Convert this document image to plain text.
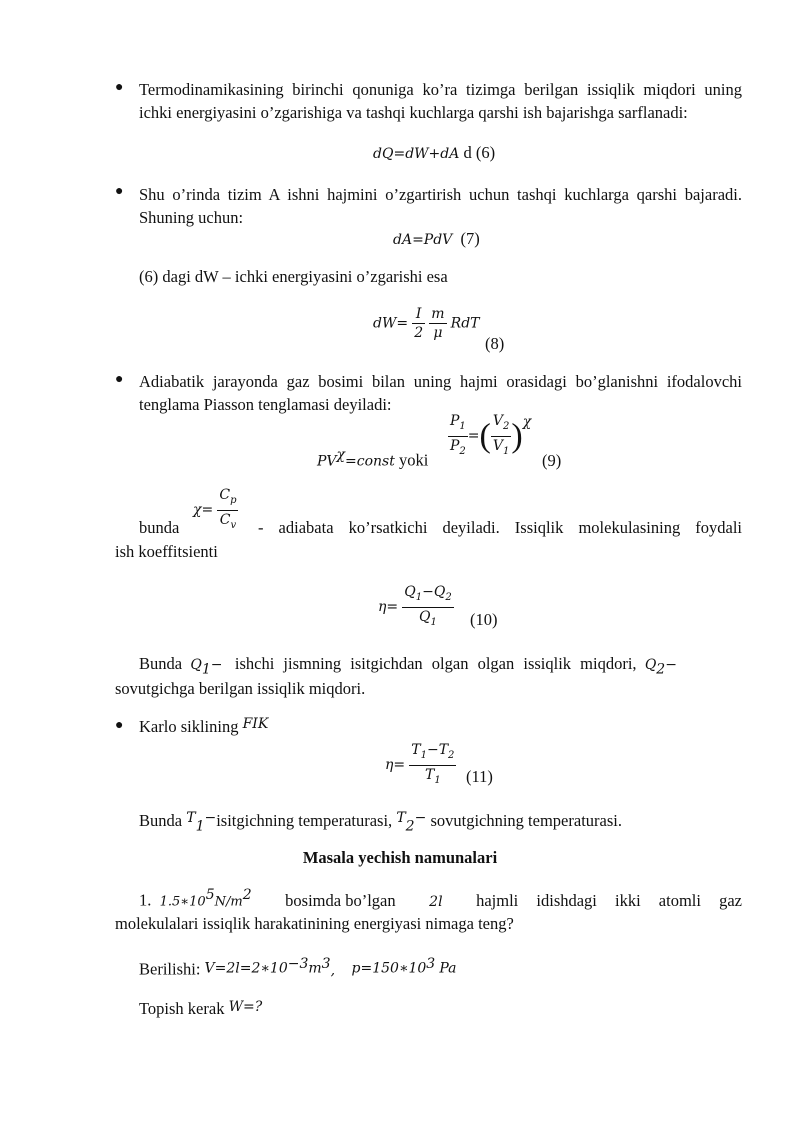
● Termodinamikasining birinchi qonuniga ko’ra tizimga berilgan issiqlik miqdori uning ichki energiyasini o’zgarishiga va tashqi kuchlarga qarshi ish bajarishga sarflanadi:
dQ=dW+dA d (6)
● Shu o’rinda tizim A ishni hajmini o’zgartirish uchun tashqi kuchlarga qarshi bajaradi. Shuning uchun:
dA=PdV (7)
(6) dagi dW – ichki energiyasini o’zgarishi esa
$dW= \frac{I}{2}$
$\frac{m}{\mu}$ RdT
(8)
● Adiabatik jarayonda gaz bosimi bilan uning hajmi orasidagi bo’glanishni ifodalovchi tenglama Piasson tenglamasi deyiladi:
$PV^\chi=const$ yoki $\frac{P_1}{P_2}$ =( $\frac{V_2}{V_1} )^\chi$
(9)
bunda
$\chi= \frac{C_p}{C_v}$ - adiabata ko’rsatkichi deyiladi. Issiqlik molekulasining foydali
ish koeffitsienti
$\eta= \frac{Q_1-Q_2}{Q_1} (10)$
Bunda $Q_1-$ ishchi jismning isitgichdan olgan olgan issiqlik miqdori, $Q_2-$
sovutgichga berilgan issiqlik miqdori.
● Karlo siklining $^{FIK}$
$\eta= \frac{T_1-T_2}{T_1} (11)$
Bunda $^T_1$−isitgichning temperaturasi, $^T_2$− sovutgichning temperaturasi.
Masala yechish namunalari
1. $1.5∗10^5N/m^2$ bosimda bo’lgan 2l hajmli idishdagi ikki atomli gaz
molekulalari issiqlik harakatinining energiyasi nimaga teng?
Berilishi: $V=2l=2∗10^{-3}m^3$, $p=150∗10^3$ Pa
Topish kerak W=?
